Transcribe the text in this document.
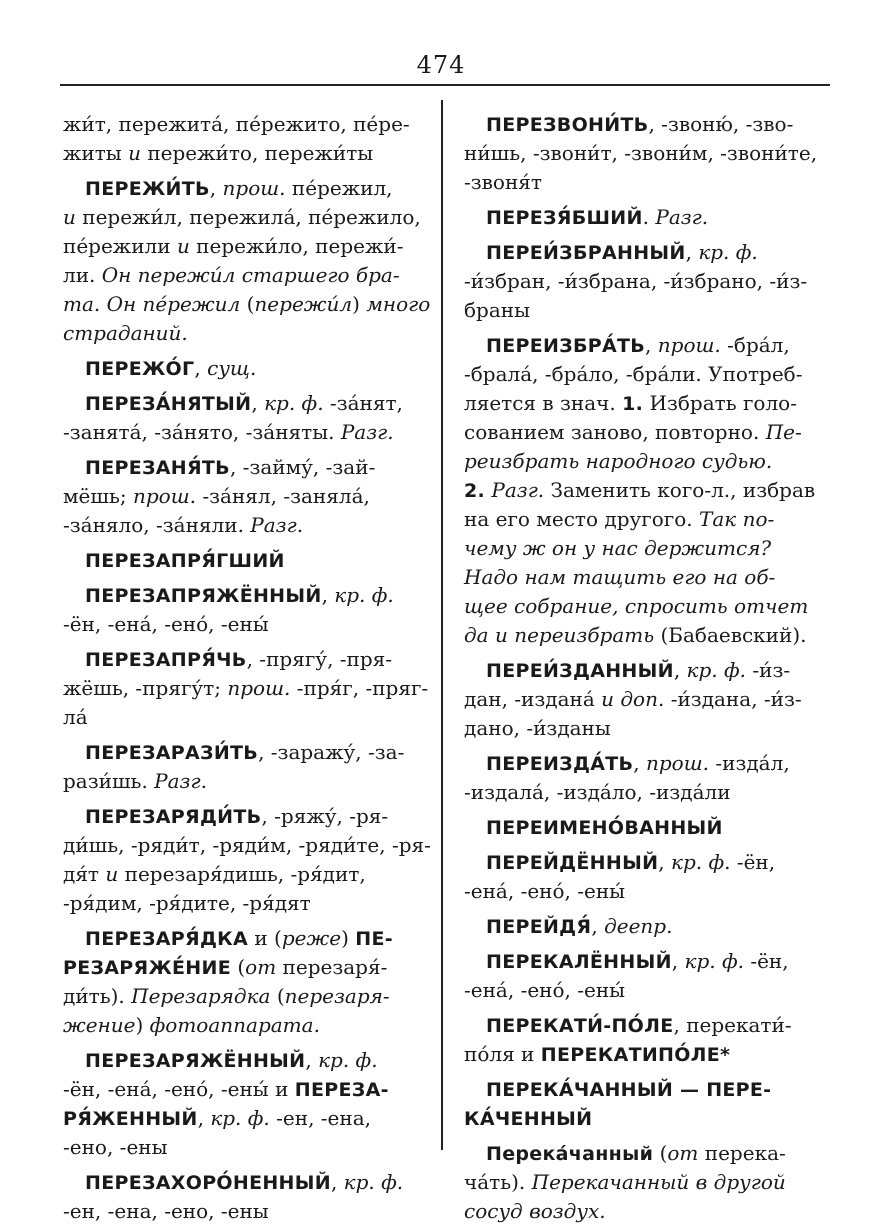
474
жи́т, пережита́, пе́режито, пе́ре-
житы и пережи́то, пережи́ты
ПЕРЕЖИ́ТЬ, прош. пе́режил,
и пережи́л, пережила́, пе́режило,
пе́режили и пережи́ло, пережи́-
ли. Он пережи́л старшего бра-
та. Он пе́режил (пережи́л) много
страданий.
ПЕРЕЖО́Г, сущ.
ПЕРЕЗА́НЯТЫЙ, кр. ф. -за́нят,
-занята́, -за́нято, -за́няты. Разг.
ПЕРЕЗАНЯ́ТЬ, -займу́, -зай-
мёшь; прош. -за́нял, -заняла́,
-за́няло, -за́няли. Разг.
ПЕРЕЗАПРЯ́ГШИЙ
ПЕРЕЗАПРЯЖЁННЫЙ, кр. ф.
-ён, -ена́, -ено́, -ены́
ПЕРЕЗАПРЯ́ЧЬ, -прягу́, -пря-
жёшь, -прягу́т; прош. -пря́г, -пряг-
ла́
ПЕРЕЗАРАЗИ́ТЬ, -заражу́, -за-
рази́шь. Разг.
ПЕРЕЗАРЯДИ́ТЬ, -ряжу́, -ря-
ди́шь, -ряди́т, -ряди́м, -ряди́те, -ря-
дя́т и перезаря́дишь, -ря́дит,
-ря́дим, -ря́дите, -ря́дят
ПЕРЕЗАРЯ́ДКА и (реже) ПЕ-
РЕЗАРЯЖЕ́НИЕ (от перезаря́-
ди́ть). Перезарядка (перезаря-
жение) фотоаппарата.
ПЕРЕЗАРЯЖЁННЫЙ, кр. ф.
-ён, -ена́, -ено́, -ены́ и ПЕРЕЗА-
РЯ́ЖЕННЫЙ, кр. ф. -ен, -ена,
-ено, -ены
ПЕРЕЗАХОРО́НЕННЫЙ, кр. ф.
-ен, -ена, -ено, -ены
ПЕРЕЗВОНИ́ТЬ, -звоню́, -зво-
ни́шь, -звони́т, -звони́м, -звони́те,
-звоня́т
ПЕРЕЗЯ́БШИЙ. Разг.
ПЕРЕИ́ЗБРАННЫЙ, кр. ф.
-и́збран, -и́збрана, -и́збрано, -и́з-
браны
ПЕРЕИЗБРА́ТЬ, прош. -бра́л,
-брала́, -бра́ло, -бра́ли. Употреб-
ляется в знач. 1. Избрать голо-
сованием заново, повторно. Пе-
реизбрать народного судью.
2. Разг. Заменить кого-л., избрав
на его место другого. Так по-
чему ж он у нас держится?
Надо нам тащить его на об-
щее собрание, спросить отчет
да и переизбрать (Бабаевский).
ПЕРЕИ́ЗДАННЫЙ, кр. ф. -и́з-
дан, -издана́ и доп. -и́здана, -и́з-
дано, -и́зданы
ПЕРЕИЗДА́ТЬ, прош. -изда́л,
-издала́, -изда́ло, -изда́ли
ПЕРЕИМЕНО́ВАННЫЙ
ПЕРЕЙДЁННЫЙ, кр. ф. -ён,
-ена́, -ено́, -ены́
ПЕРЕЙДЯ́, деепр.
ПЕРЕКАЛЁННЫЙ, кр. ф. -ён,
-ена́, -ено́, -ены́
ПЕРЕКАТИ́-ПО́ЛЕ, перекати́-
по́ля и ПЕРЕКАТИПО́ЛЕ*
ПЕРЕКА́ЧАННЫЙ — ПЕРЕ-
КА́ЧЕННЫЙ
Перека́чанный (от перека-
ча́ть). Перекачанный в другой
сосуд воздух.
